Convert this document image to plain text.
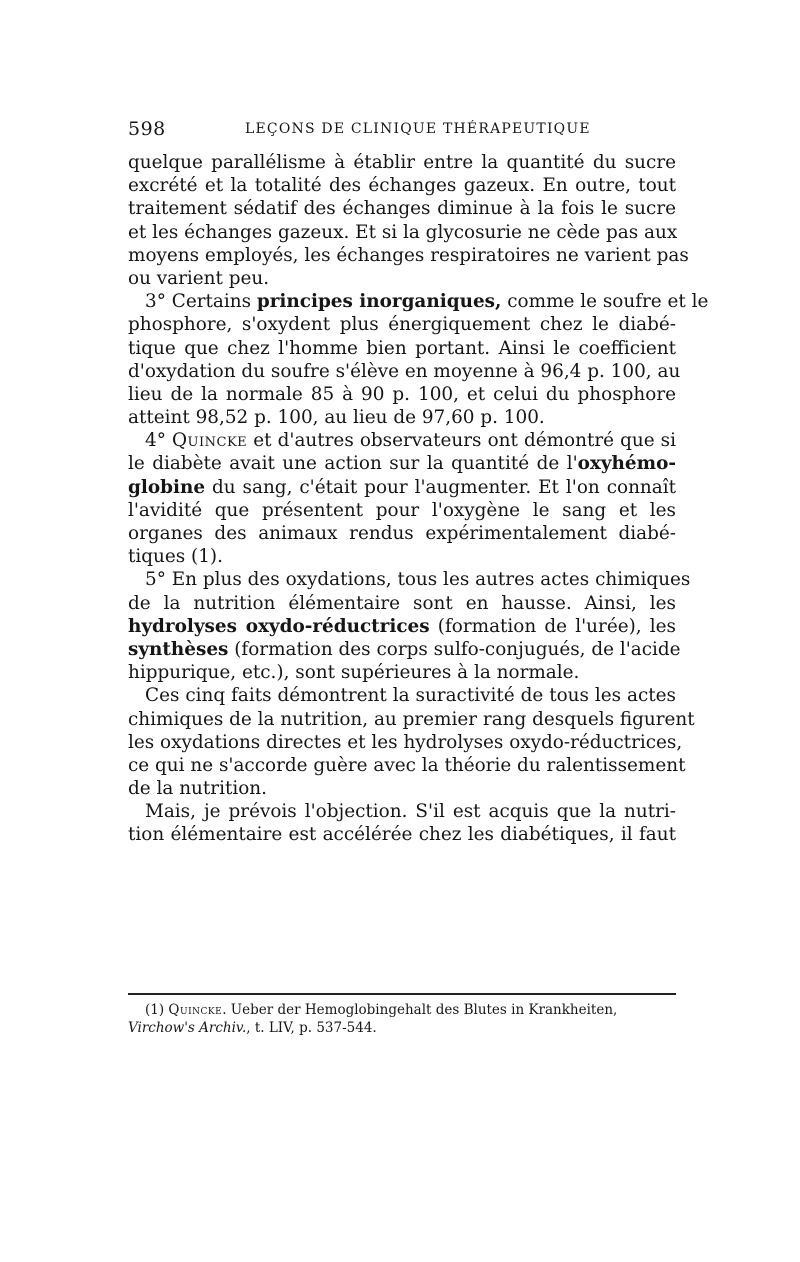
598	LEÇONS DE CLINIQUE THÉRAPEUTIQUE
quelque parallélisme à établir entre la quantité du sucre
excrété et la totalité des échanges gazeux. En outre, tout
traitement sédatif des échanges diminue à la fois le sucre
et les échanges gazeux. Et si la glycosurie ne cède pas aux
moyens employés, les échanges respiratoires ne varient pas
ou varient peu.
3° Certains principes inorganiques, comme le soufre et le
phosphore, s'oxydent plus énergiquement chez le diabé-
tique que chez l'homme bien portant. Ainsi le coefficient
d'oxydation du soufre s'élève en moyenne à 96,4 p. 100, au
lieu de la normale 85 à 90 p. 100, et celui du phosphore
atteint 98,52 p. 100, au lieu de 97,60 p. 100.
4° Quincke et d'autres observateurs ont démontré que si
le diabète avait une action sur la quantité de l'oxyhémo-
globine du sang, c'était pour l'augmenter. Et l'on connaît
l'avidité que présentent pour l'oxygène le sang et les
organes des animaux rendus expérimentalement diabé-
tiques (1).
5° En plus des oxydations, tous les autres actes chimiques
de la nutrition élémentaire sont en hausse. Ainsi, les
hydrolyses oxydo-réductrices (formation de l'urée), les
synthèses (formation des corps sulfo-conjugués, de l'acide
hippurique, etc.), sont supérieures à la normale.
Ces cinq faits démontrent la suractivité de tous les actes
chimiques de la nutrition, au premier rang desquels figurent
les oxydations directes et les hydrolyses oxydo-réductrices,
ce qui ne s'accorde guère avec la théorie du ralentissement
de la nutrition.
Mais, je prévois l'objection. S'il est acquis que la nutri-
tion élémentaire est accélérée chez les diabétiques, il faut
(1) Quincke. Ueber der Hemoglobingehalt des Blutes in Krankheiten,
Virchow's Archiv., t. LIV, p. 537-544.
